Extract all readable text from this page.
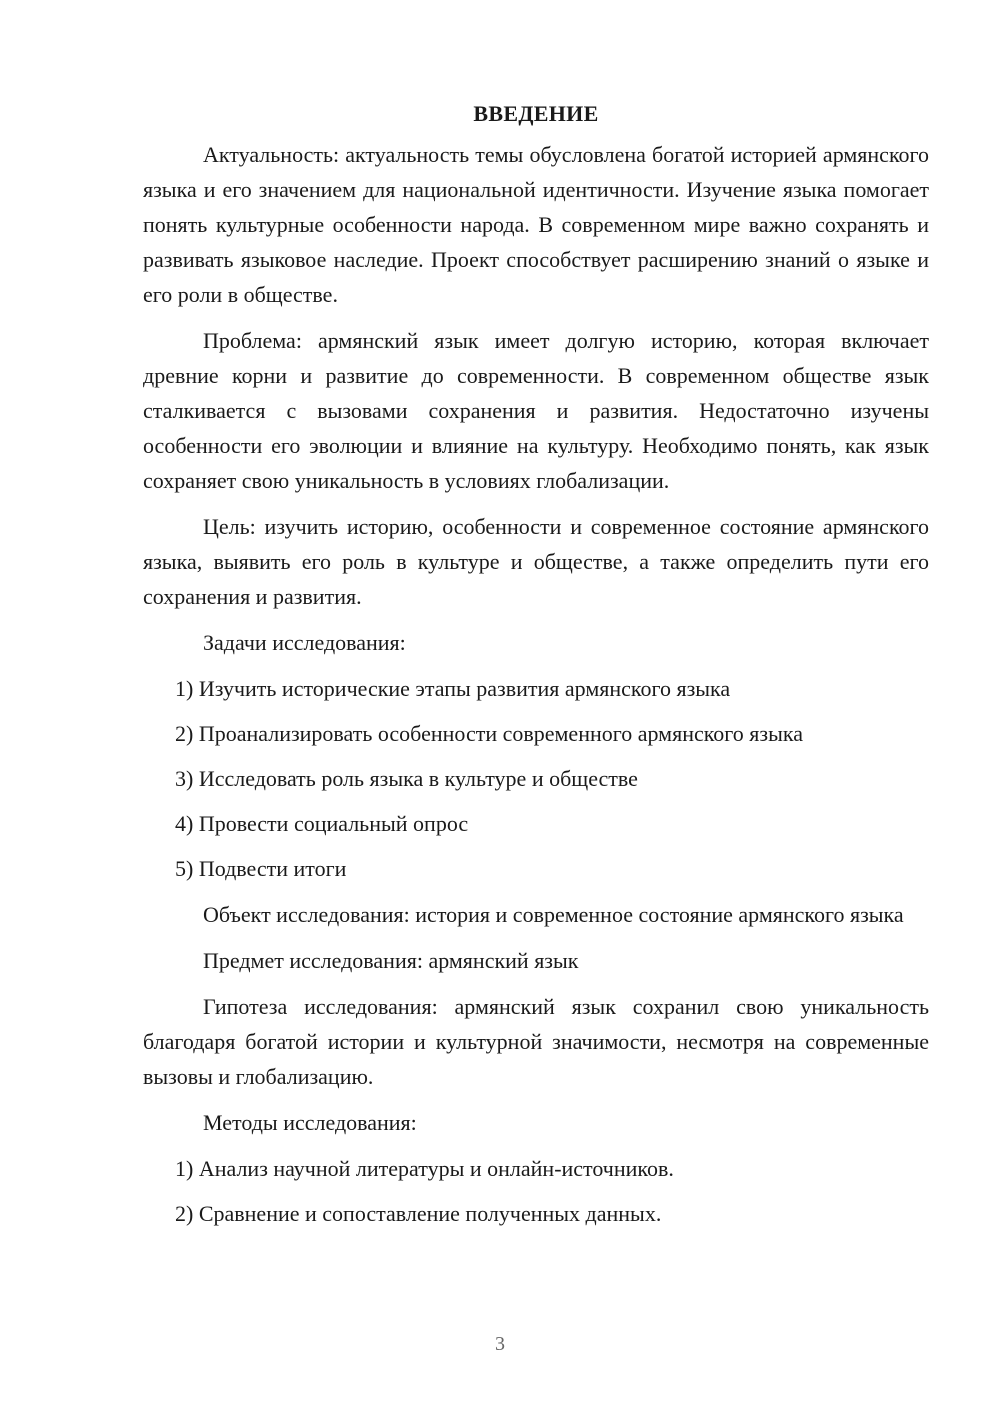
ВВЕДЕНИЕ

Актуальность: актуальность темы обусловлена богатой историей армянского языка и его значением для национальной идентичности. Изучение языка помогает понять культурные особенности народа. В современном мире важно сохранять и развивать языковое наследие. Проект способствует расширению знаний о языке и его роли в обществе.

Проблема: армянский язык имеет долгую историю, которая включает древние корни и развитие до современности. В современном обществе язык сталкивается с вызовами сохранения и развития. Недостаточно изучены особенности его эволюции и влияние на культуру. Необходимо понять, как язык сохраняет свою уникальность в условиях глобализации.

Цель: изучить историю, особенности и современное состояние армянского языка, выявить его роль в культуре и обществе, а также определить пути его сохранения и развития.

Задачи исследования:

1) Изучить исторические этапы развития армянского языка
2) Проанализировать особенности современного армянского языка
3) Исследовать роль языка в культуре и обществе
4) Провести социальный опрос
5) Подвести итоги

Объект исследования: история и современное состояние армянского языка

Предмет исследования: армянский язык

Гипотеза исследования: армянский язык сохранил свою уникальность благодаря богатой истории и культурной значимости, несмотря на современные вызовы и глобализацию.

Методы исследования:

1) Анализ научной литературы и онлайн-источников.
2) Сравнение и сопоставление полученных данных.
3
